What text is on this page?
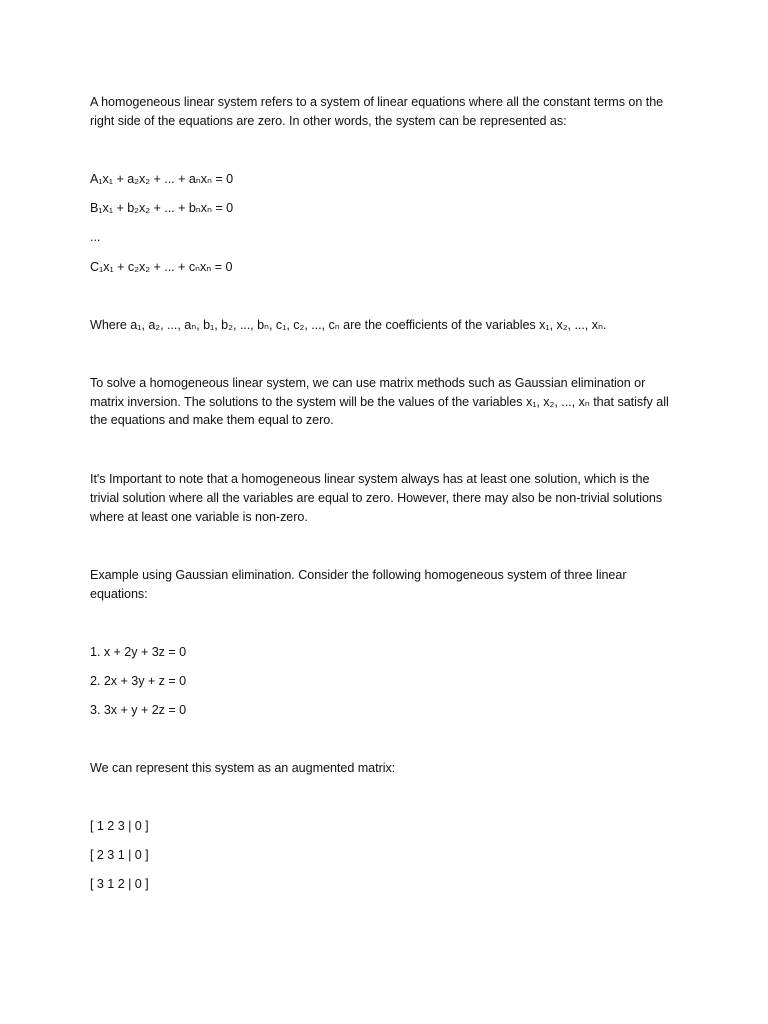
A homogeneous linear system refers to a system of linear equations where all the constant terms on the
right side of the equations are zero. In other words, the system can be represented as:
A₁x₁ + a₂x₂ + ... + aₙxₙ = 0
B₁x₁ + b₂x₂ + ... + bₙxₙ = 0
...
C₁x₁ + c₂x₂ + ... + cₙxₙ = 0
Where a₁, a₂, ..., aₙ, b₁, b₂, ..., bₙ, c₁, c₂, ..., cₙ are the coefficients of the variables x₁, x₂, ..., xₙ.
To solve a homogeneous linear system, we can use matrix methods such as Gaussian elimination or
matrix inversion. The solutions to the system will be the values of the variables x₁, x₂, ..., xₙ that satisfy all
the equations and make them equal to zero.
It's Important to note that a homogeneous linear system always has at least one solution, which is the
trivial solution where all the variables are equal to zero. However, there may also be non-trivial solutions
where at least one variable is non-zero.
Example using Gaussian elimination. Consider the following homogeneous system of three linear
equations:
1. x + 2y + 3z = 0
2. 2x + 3y + z = 0
3. 3x + y + 2z = 0
We can represent this system as an augmented matrix:
[ 1 2 3 | 0 ]
[ 2 3 1 | 0 ]
[ 3 1 2 | 0 ]
